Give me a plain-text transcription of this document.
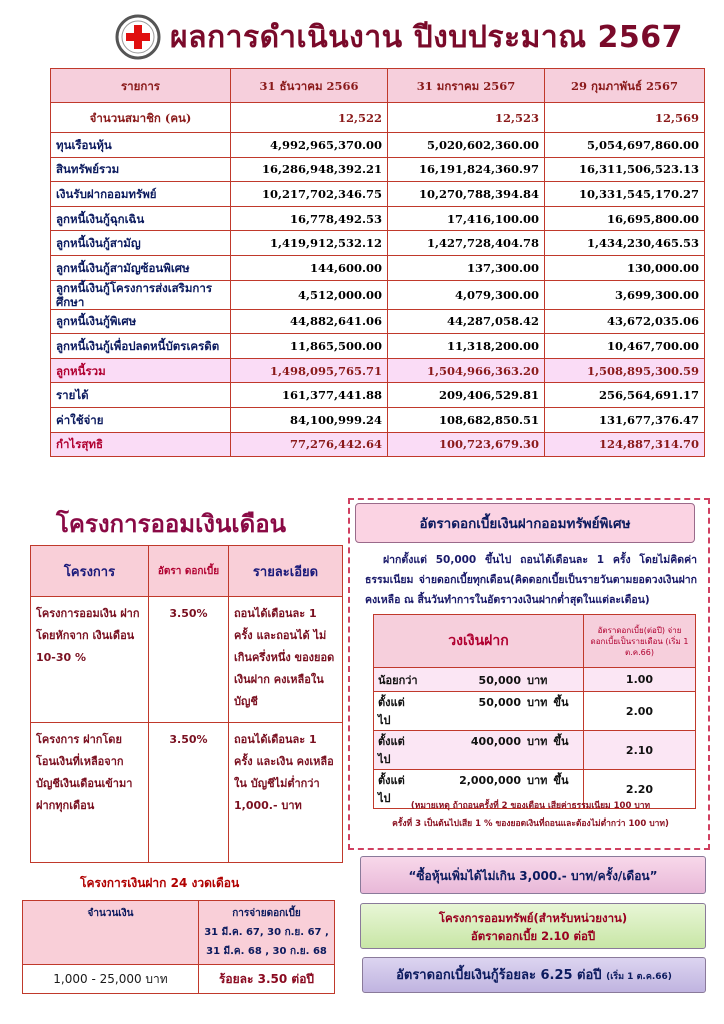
ผลการดำเนินงาน ปีงบประมาณ 2567
รายการ	31 ธันวาคม 2566	31 มกราคม 2567	29 กุมภาพันธ์ 2567
จำนวนสมาชิก (คน)	12,522	12,523	12,569
ทุนเรือนหุ้น	4,992,965,370.00	5,020,602,360.00	5,054,697,860.00
สินทรัพย์รวม	16,286,948,392.21	16,191,824,360.97	16,311,506,523.13
เงินรับฝากออมทรัพย์	10,217,702,346.75	10,270,788,394.84	10,331,545,170.27
ลูกหนี้เงินกู้ฉุกเฉิน	16,778,492.53	17,416,100.00	16,695,800.00
ลูกหนี้เงินกู้สามัญ	1,419,912,532.12	1,427,728,404.78	1,434,230,465.53
ลูกหนี้เงินกู้สามัญซ้อนพิเศษ	144,600.00	137,300.00	130,000.00
ลูกหนี้เงินกู้โครงการส่งเสริมการศึกษา	4,512,000.00	4,079,300.00	3,699,300.00
ลูกหนี้เงินกู้พิเศษ	44,882,641.06	44,287,058.42	43,672,035.06
ลูกหนี้เงินกู้เพื่อปลดหนี้บัตรเครดิต	11,865,500.00	11,318,200.00	10,467,700.00
ลูกหนี้รวม	1,498,095,765.71	1,504,966,363.20	1,508,895,300.59
รายได้	161,377,441.88	209,406,529.81	256,564,691.17
ค่าใช้จ่าย	84,100,999.24	108,682,850.51	131,677,376.47
กำไรสุทธิ	77,276,442.64	100,723,679.30	124,887,314.70
โครงการออมเงินเดือน
โครงการ	อัตรา ดอกเบี้ย	รายละเอียด
โครงการออมเงิน ฝากโดยหักจาก เงินเดือน 10-30 %	3.50%	ถอนได้เดือนละ 1 ครั้ง และถอนได้ ไม่เกินครึ่งหนึ่ง ของยอดเงินฝาก คงเหลือในบัญชี
โครงการ ฝากโดย โอนเงินที่เหลือจาก บัญชีเงินเดือนเข้ามา ฝากทุกเดือน	3.50%	ถอนได้เดือนละ 1 ครั้ง และเงิน คงเหลือใน บัญชีไม่ต่ำกว่า 1,000.- บาท
อัตราดอกเบี้ยเงินฝากออมทรัพย์พิเศษ
ฝากตั้งแต่ 50,000 ขึ้นไป ถอนได้เดือนละ 1 ครั้ง โดยไม่คิดค่าธรรมเนียม จ่ายดอกเบี้ยทุกเดือน(คิดดอกเบี้ยเป็นรายวันตามยอดวงเงินฝากคงเหลือ ณ สิ้นวันทำการในอัตราวงเงินฝากต่ำสุดในแต่ละเดือน)
วงเงินฝาก	อัตราดอกเบี้ย(ต่อปี) จ่ายดอกเบี้ยเป็นรายเดือน (เริ่ม 1 ต.ค.66)
น้อยกว่า 50,000 บาท	1.00
ตั้งแต่ 50,000 บาท ขึ้นไป	2.00
ตั้งแต่ 400,000 บาท ขึ้นไป	2.10
ตั้งแต่ 2,000,000 บาท ขึ้นไป	2.20
(หมายเหตุ ถ้าถอนครั้งที่ 2 ของเดือน เสียค่าธรรมเนียม 100 บาท
ครั้งที่ 3 เป็นต้นไปเสีย 1 % ของยอดเงินที่ถอนและต้องไม่ต่ำกว่า 100 บาท)
โครงการเงินฝาก 24 งวดเดือน
จำนวนเงิน	การจ่ายดอกเบี้ย
31 มี.ค. 67, 30 ก.ย. 67 ,
31 มี.ค. 68 , 30 ก.ย. 68

1,000 - 25,000 บาท	ร้อยละ 3.50 ต่อปี
“ซื้อหุ้นเพิ่มได้ไม่เกิน 3,000.- บาท/ครั้ง/เดือน”
โครงการออมทรัพย์(สำหรับหน่วยงาน)
อัตราดอกเบี้ย 2.10 ต่อปี
อัตราดอกเบี้ยเงินกู้ร้อยละ 6.25 ต่อปี (เริ่ม 1 ต.ค.66)
